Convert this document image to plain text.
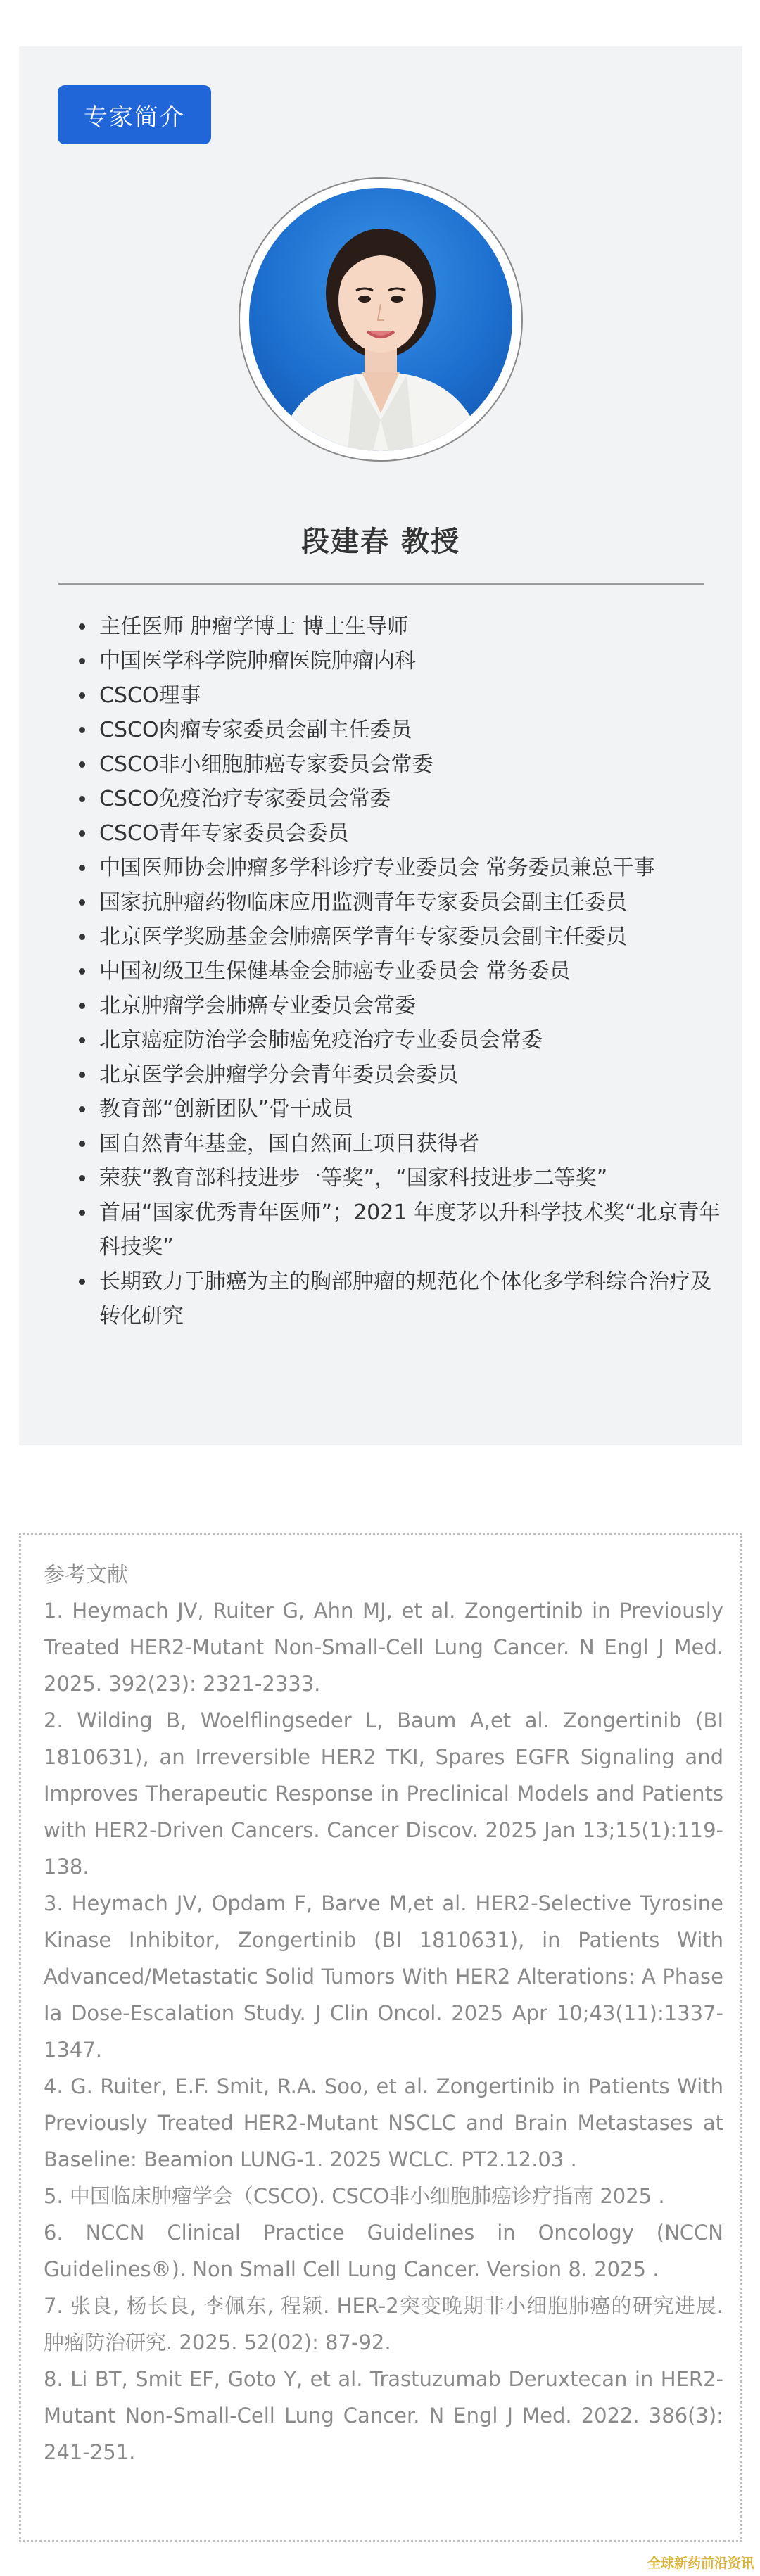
专家简介
段建春 教授
• 主任医师 肿瘤学博士 博士生导师
• 中国医学科学院肿瘤医院肿瘤内科
• CSCO理事
• CSCO肉瘤专家委员会副主任委员
• CSCO非小细胞肺癌专家委员会常委
• CSCO免疫治疗专家委员会常委
• CSCO青年专家委员会委员
• 中国医师协会肿瘤多学科诊疗专业委员会 常务委员兼总干事
• 国家抗肿瘤药物临床应用监测青年专家委员会副主任委员
• 北京医学奖励基金会肺癌医学青年专家委员会副主任委员
• 中国初级卫生保健基金会肺癌专业委员会 常务委员
• 北京肿瘤学会肺癌专业委员会常委
• 北京癌症防治学会肺癌免疫治疗专业委员会常委
• 北京医学会肿瘤学分会青年委员会委员
• 教育部“创新团队”骨干成员
• 国自然青年基金，国自然面上项目获得者
• 荣获“教育部科技进步一等奖”，“国家科技进步二等奖”
• 首届“国家优秀青年医师”；2021 年度茅以升科学技术奖“北京青年科技奖”
• 长期致力于肺癌为主的胸部肿瘤的规范化个体化多学科综合治疗及转化研究
参考文献

1. Heymach JV, Ruiter G, Ahn MJ, et al. Zongertinib in Previously Treated HER2-Mutant Non-Small-Cell Lung Cancer. N Engl J Med. 2025. 392(23): 2321-2333.

2. Wilding B, Woelflingseder L, Baum A,et al. Zongertinib (BI 1810631), an Irreversible HER2 TKI, Spares EGFR Signaling and Improves Therapeutic Response in Preclinical Models and Patients with HER2-Driven Cancers. Cancer Discov. 2025 Jan 13;15(1):119-138.

3. Heymach JV, Opdam F, Barve M,et al. HER2-Selective Tyrosine Kinase Inhibitor, Zongertinib (BI 1810631), in Patients With Advanced/Metastatic Solid Tumors With HER2 Alterations: A Phase Ia Dose-Escalation Study. J Clin Oncol. 2025 Apr 10;43(11):1337-1347.

4. G. Ruiter, E.F. Smit, R.A. Soo, et al. Zongertinib in Patients With Previously Treated HER2-Mutant NSCLC and Brain Metastases at Baseline: Beamion LUNG-1. 2025 WCLC. PT2.12.03 .

5. 中国临床肿瘤学会（CSCO). CSCO非小细胞肺癌诊疗指南 2025 .

6. NCCN Clinical Practice Guidelines in Oncology (NCCN Guidelines®). Non Small Cell Lung Cancer. Version 8. 2025 .

7. 张良, 杨长良, 李佩东, 程颖. HER-2突变晚期非小细胞肺癌的研究进展. 肿瘤防治研究. 2025. 52(02): 87-92.

8. Li BT, Smit EF, Goto Y, et al. Trastuzumab Deruxtecan in HER2-Mutant Non-Small-Cell Lung Cancer. N Engl J Med. 2022. 386(3): 241-251.

全球新药前沿资讯
